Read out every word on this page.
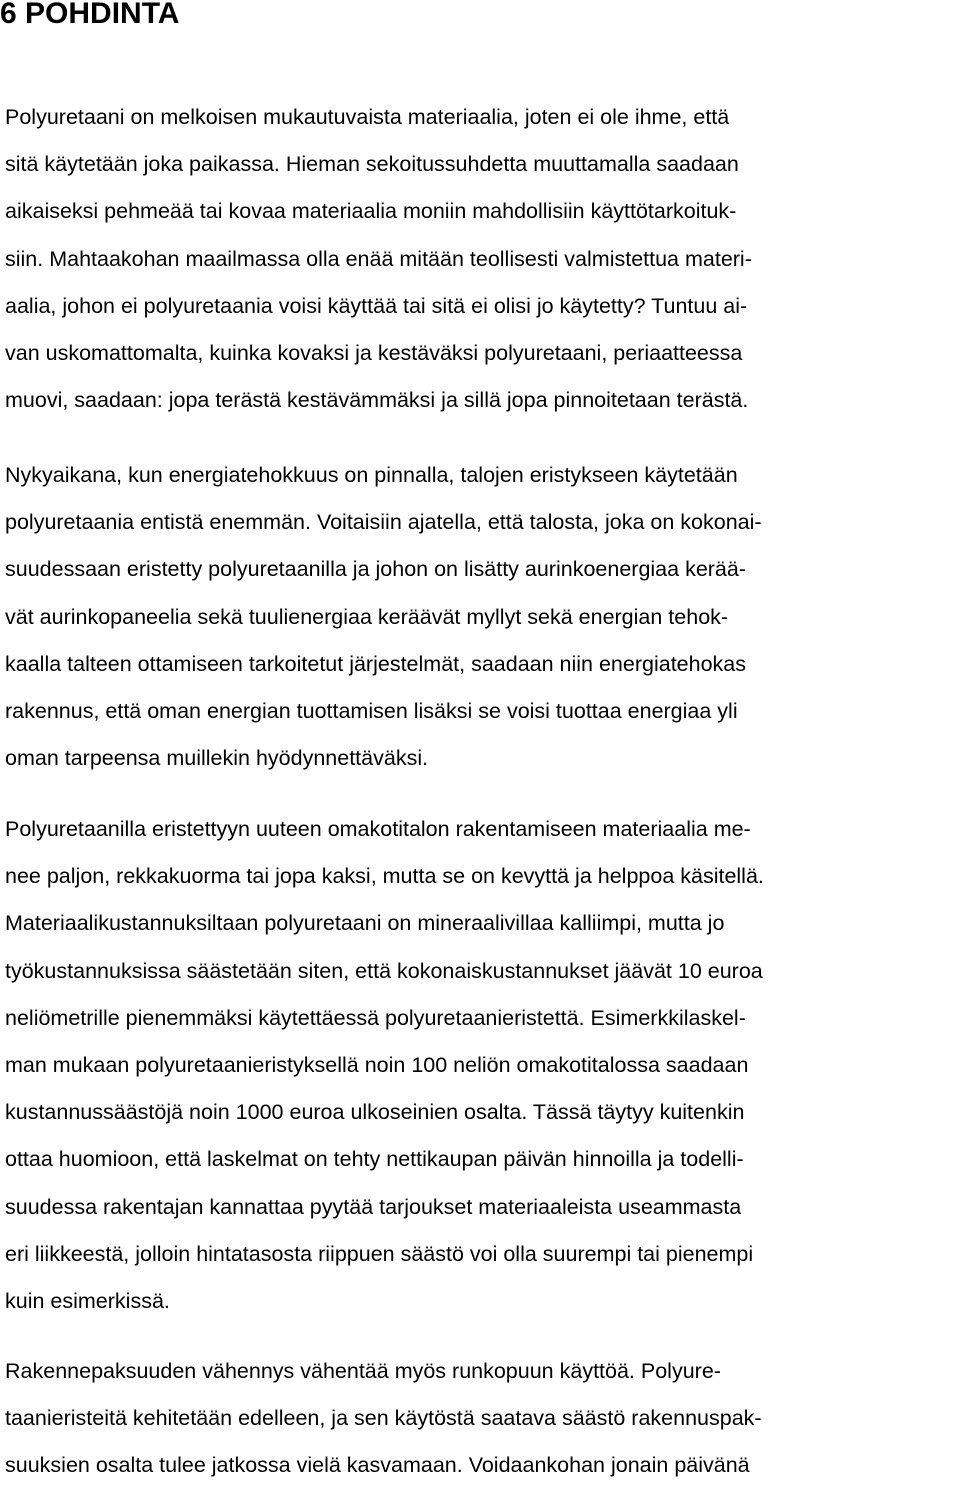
6 POHDINTA
Polyuretaani on melkoisen mukautuvaista materiaalia, joten ei ole ihme, että
sitä käytetään joka paikassa. Hieman sekoitussuhdetta muuttamalla saadaan
aikaiseksi pehmeää tai kovaa materiaalia moniin mahdollisiin käyttötarkoituk-
siin. Mahtaakohan maailmassa olla enää mitään teollisesti valmistettua materi-
aalia, johon ei polyuretaania voisi käyttää tai sitä ei olisi jo käytetty? Tuntuu ai-
van uskomattomalta, kuinka kovaksi ja kestäväksi polyuretaani, periaatteessa
muovi, saadaan: jopa terästä kestävämmäksi ja sillä jopa pinnoitetaan terästä.
Nykyaikana, kun energiatehokkuus on pinnalla, talojen eristykseen käytetään
polyuretaania entistä enemmän. Voitaisiin ajatella, että talosta, joka on kokonai-
suudessaan eristetty polyuretaanilla ja johon on lisätty aurinkoenergiaa kerää-
vät aurinkopaneelia sekä tuulienergiaa keräävät myllyt sekä energian tehok-
kaalla talteen ottamiseen tarkoitetut järjestelmät, saadaan niin energiatehokas
rakennus, että oman energian tuottamisen lisäksi se voisi tuottaa energiaa yli
oman tarpeensa muillekin hyödynnettäväksi.
Polyuretaanilla eristettyyn uuteen omakotitalon rakentamiseen materiaalia me-
nee paljon, rekkakuorma tai jopa kaksi, mutta se on kevyttä ja helppoa käsitellä.
Materiaalikustannuksiltaan polyuretaani on mineraalivillaa kalliimpi, mutta jo
työkustannuksissa säästetään siten, että kokonaiskustannukset jäävät 10 euroa
neliömetrille pienemmäksi käytettäessä polyuretaanieristettä. Esimerkkilaskel-
man mukaan polyuretaanieristyksellä noin 100 neliön omakotitalossa saadaan
kustannussäästöjä noin 1000 euroa ulkoseinien osalta. Tässä täytyy kuitenkin
ottaa huomioon, että laskelmat on tehty nettikaupan päivän hinnoilla ja todelli-
suudessa rakentajan kannattaa pyytää tarjoukset materiaaleista useammasta
eri liikkeestä, jolloin hintatasosta riippuen säästö voi olla suurempi tai pienempi
kuin esimerkissä.
Rakennepaksuuden vähennys vähentää myös runkopuun käyttöä. Polyure-
taanieristeitä kehitetään edelleen, ja sen käytöstä saatava säästö rakennuspak-
suuksien osalta tulee jatkossa vielä kasvamaan. Voidaankohan jonain päivänä
